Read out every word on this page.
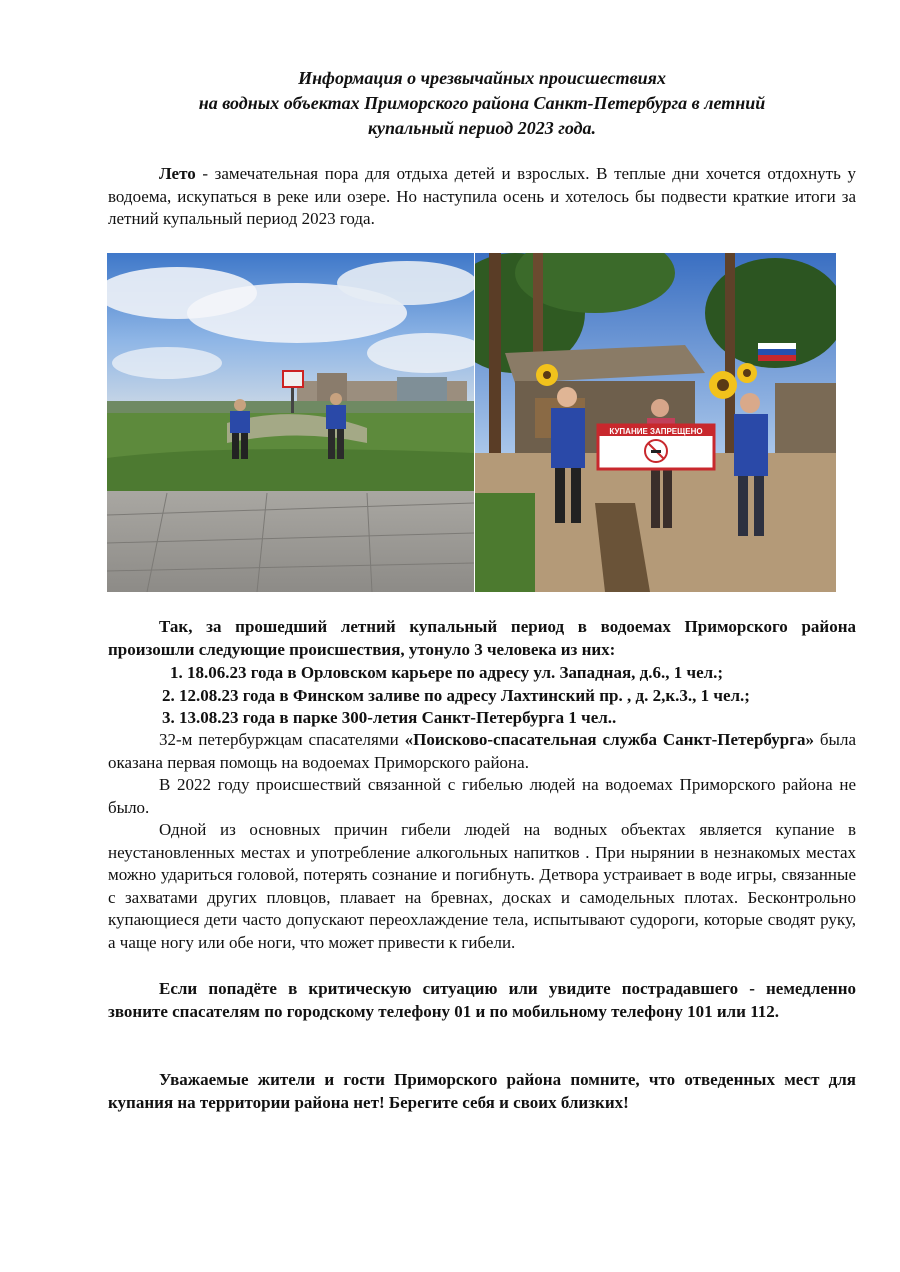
Информация о чрезвычайных происшествиях
на водных объектах Приморского района Санкт-Петербурга в летний
купальный период 2023 года.
Лето - замечательная пора для отдыха детей и взрослых. В теплые дни хочется отдохнуть у водоема, искупаться в реке или озере. Но наступила осень и хотелось бы подвести краткие итоги за летний купальный период 2023 года.
КУПАНИЕ ЗАПРЕЩЕНО
Так, за прошедший летний купальный период в водоемах Приморского района произошли следующие происшествия, утонуло 3 человека из них:
1. 18.06.23 года в Орловском карьере по адресу ул. Западная, д.6., 1 чел.;
2. 12.08.23 года в Финском заливе по адресу Лахтинский пр. , д. 2,к.3., 1 чел.;
3. 13.08.23 года в парке 300-летия Санкт-Петербурга 1 чел..
32-м петербуржцам спасателями «Поисково-спасательная служба Санкт-Петербурга» была оказана первая помощь на водоемах Приморского района.
В 2022 году происшествий связанной с гибелью людей на водоемах Приморского района не было.
Одной из основных причин гибели людей на водных объектах является купание в неустановленных местах и употребление алкогольных напитков . При нырянии в незнакомых местах можно удариться головой, потерять сознание и погибнуть. Детвора устраивает в воде игры, связанные с захватами других пловцов, плавает на бревнах, досках и самодельных плотах. Бесконтрольно купающиеся дети часто допускают переохлаждение тела, испытывают судороги, которые сводят руку, а чаще ногу или обе ноги, что может привести к гибели.
Если попадёте в критическую ситуацию или увидите пострадавшего - немедленно звоните спасателям по городскому телефону 01 и по мобильному телефону 101 или 112.
Уважаемые жители и гости Приморского района помните, что отведенных мест для купания на территории района нет! Берегите себя и своих близких!
